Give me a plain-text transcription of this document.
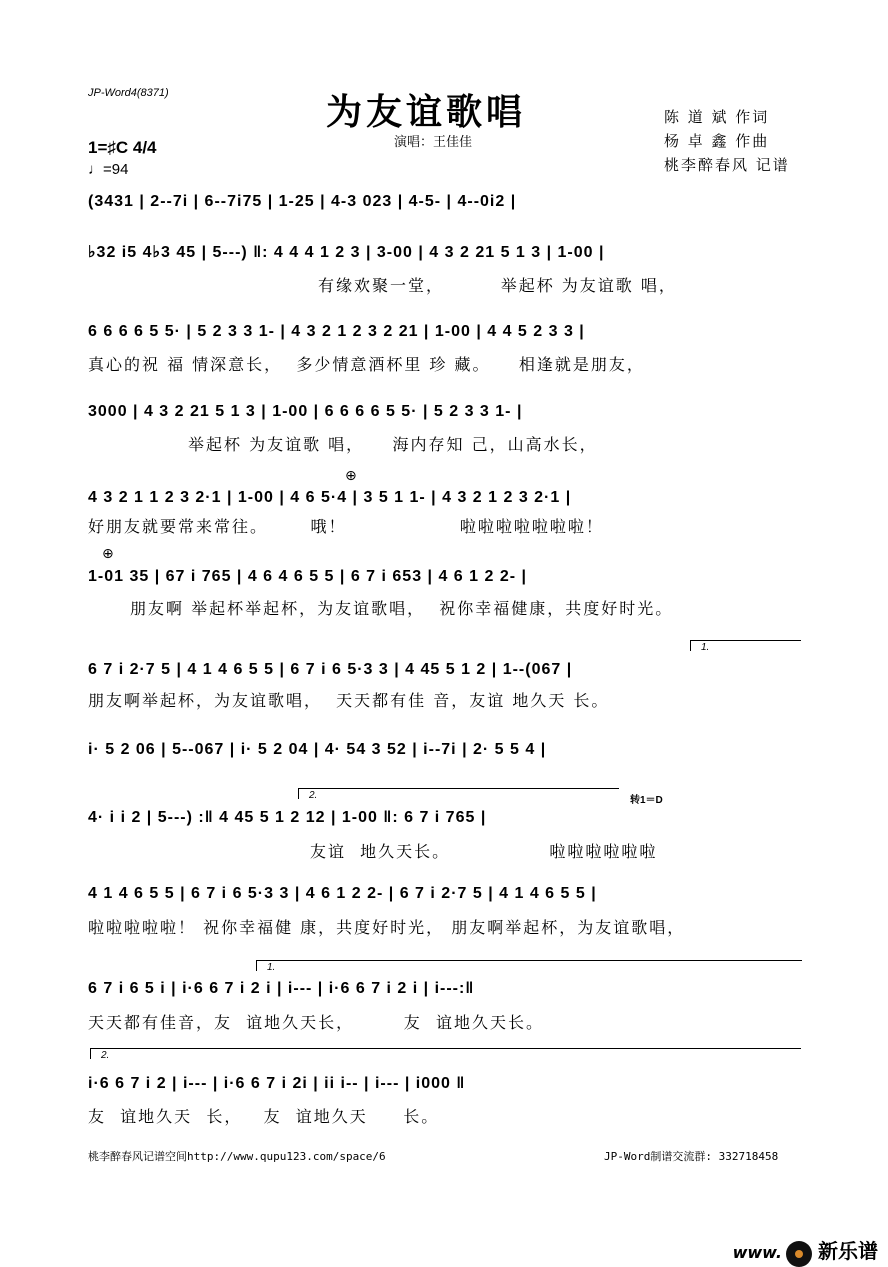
JP-Word4(8371)	为友谊歌唱
演唱：王佳佳
陈 道 斌 作词
杨 卓 鑫 作曲
桃李醉春风 记谱
1=♯C 4/4
♩=94
(3431 | 2--7i | 6--7i75 | 1-25 | 4-3 023 | 4-5- | 4--0i2 |
♭32 i5 4♭3 45 | 5---) ‖: 4 4 4 1 2 3 | 3-00 | 4 3 2 21 5 1 3 | 1-00 |
有缘欢聚一堂，        举起杯 为友谊歌 唱，
6 6 6 6 5 5· | 5 2 3 3 1- | 4 3 2 1 2 3 2 21 | 1-00 | 4 4 5 2 3 3 |
真心的祝 福 情深意长，  多少情意酒杯里 珍 藏。    相逢就是朋友，
3000 | 4 3 2 21 5 1 3 | 1-00 | 6 6 6 6 5 5· | 5 2 3 3 1- |
举起杯 为友谊歌 唱，    海内存知 己，山高水长，
4 3 2 1 1 2 3 2·1 | 1-00 | 4 6 5·4 | 3 5 1 1- | 4 3 2 1 2 3 2·1 |
好朋友就要常来常往。      哦！                啦啦啦啦啦啦啦！
1-01 35 | 67 i 765 | 4 6 4 6 5 5 | 6 7 i 653 | 4 6 1 2 2- |
朋友啊 举起杯举起杯，为友谊歌唱，  祝你幸福健康，共度好时光。
6 7 i 2·7 5 | 4 1 4 6 5 5 | 6 7 i 6 5·3 3 | 4 45 5 1 2 | 1--(067 |
朋友啊举起杯，为友谊歌唱，  天天都有佳 音，友谊 地久天 长。
i· 5 2 06 | 5--067 | i· 5 2 04 | 4· 54 3 52 | i--7i | 2· 5 5 4 |
4· i i 2 | 5---) :‖ 4 45 5 1 2 12 | 1-00 ‖: 6 7 i 765 |
友谊  地久天长。              啦啦啦啦啦啦
4 1 4 6 5 5 | 6 7 i 6 5·3 3 | 4 6 1 2 2- | 6 7 i 2·7 5 | 4 1 4 6 5 5 |
啦啦啦啦啦！ 祝你幸福健 康，共度好时光， 朋友啊举起杯，为友谊歌唱，
6 7 i 6 5 i | i·6 6 7 i 2 i | i--- | i·6 6 7 i 2 i | i---:‖
天天都有佳音，友  谊地久天长，       友  谊地久天长。
i·6 6 7 i 2 | i--- | i·6 6 7 i 2i | ii i-- | i--- | i000 ‖
友  谊地久天  长，   友  谊地久天     长。
1.
2.
1.
2.
⊕
⊕
转1＝D
桃李醉春风记谱空间http://www.qupu123.com/space/6	JP-Word制谱交流群: 332718458

www. 新乐谱
